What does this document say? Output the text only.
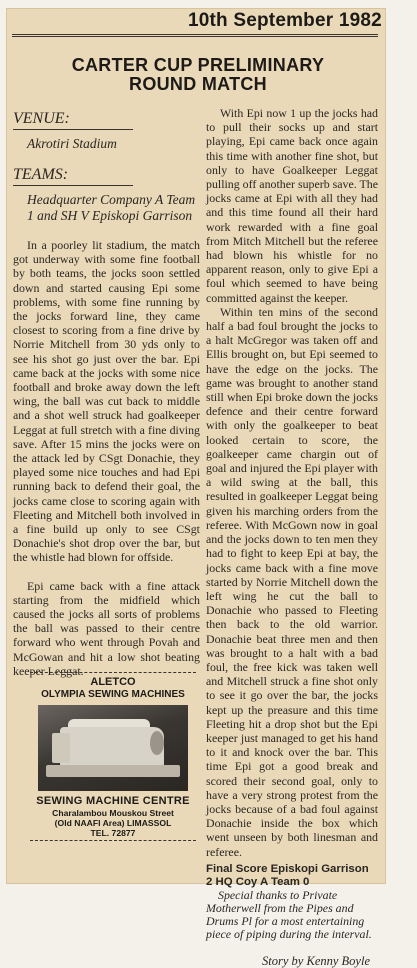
10th September 1982
CARTER CUP PRELIMINARY
ROUND MATCH
VENUE:
Akrotiri Stadium
TEAMS:
Headquarter Company A Team 1 and SH V Episkopi Garrison

In a poorley lit stadium, the match got underway with some fine football by both teams, the jocks soon settled down and started causing Epi some problems, with some fine running by the jocks forward line, they came closest to scoring from a fine drive by Norrie Mitchell from 30 yds only to see his shot go just over the bar. Epi came back at the jocks with some nice football and broke away down the left wing, the ball was cut back to middle and a shot well struck had goalkeeper Leggat at full stretch with a fine diving save. After 15 mins the jocks were on the attack led by CSgt Donachie, they played some nice touches and had Epi running back to defend their goal, the jocks came close to scoring again with Fleeting and Mitchell both involved in a fine build up only to see CSgt Donachie's shot drop over the bar, but the whistle had blown for offside.

Epi came back with a fine attack starting from the midfield which caused the jocks all sorts of problems the ball was passed to their centre forward who went through Povah and McGowan and hit a low shot beating keeper Leggat.

ALETCO
OLYMPIA SEWING MACHINES
SEWING MACHINE CENTRE
Charalambou Mouskou Street
(Old NAAFI Area) LIMASSOL
TEL. 72877

With Epi now 1 up the jocks had to pull their socks up and start playing, Epi came back once again this time with another fine shot, but only to have Goalkeeper Leggat pulling off another superb save. The jocks came at Epi with all they had and this time found all their hard work rewarded with a fine goal from Mitch Mitchell but the referee had blown his whistle for no apparent reason, only to give Epi a foul which seemed to have being committed against the keeper.

Within ten mins of the second half a bad foul brought the jocks to a halt McGregor was taken off and Ellis brought on, but Epi seemed to have the edge on the jocks. The game was brought to another stand still when Epi broke down the jocks defence and their centre forward with only the goalkeeper to beat looked certain to score, the goalkeeper came chargin out of goal and injured the Epi player with a wild swing at the ball, this resulted in goalkeeper Leggat being given his marching orders from the referee. With McGown now in goal and the jocks down to ten men they had to fight to keep Epi at bay, the jocks came back with a fine move started by Norrie Mitchell down the left wing he cut the ball to Donachie who passed to Fleeting then back to the old warrior. Donachie beat three men and then was brought to a halt with a bad foul, the free kick was taken well and Mitchell struck a fine shot only to see it go over the bar, the jocks kept up the preasure and this time Fleeting hit a drop shot but the Epi keeper just managed to get his hand to it and knock over the bar. This time Epi got a good break and scored their second goal, only to have a very strong protest from the jocks because of a bad foul against Donachie inside the box which went unseen by both linesman and referee.

Final Score Episkopi Garrison 2 HQ Coy A Team 0

Special thanks to Private Motherwell from the Pipes and Drums Pl for a most entertaining piece of piping during the interval.

Story by Kenny Boyle
